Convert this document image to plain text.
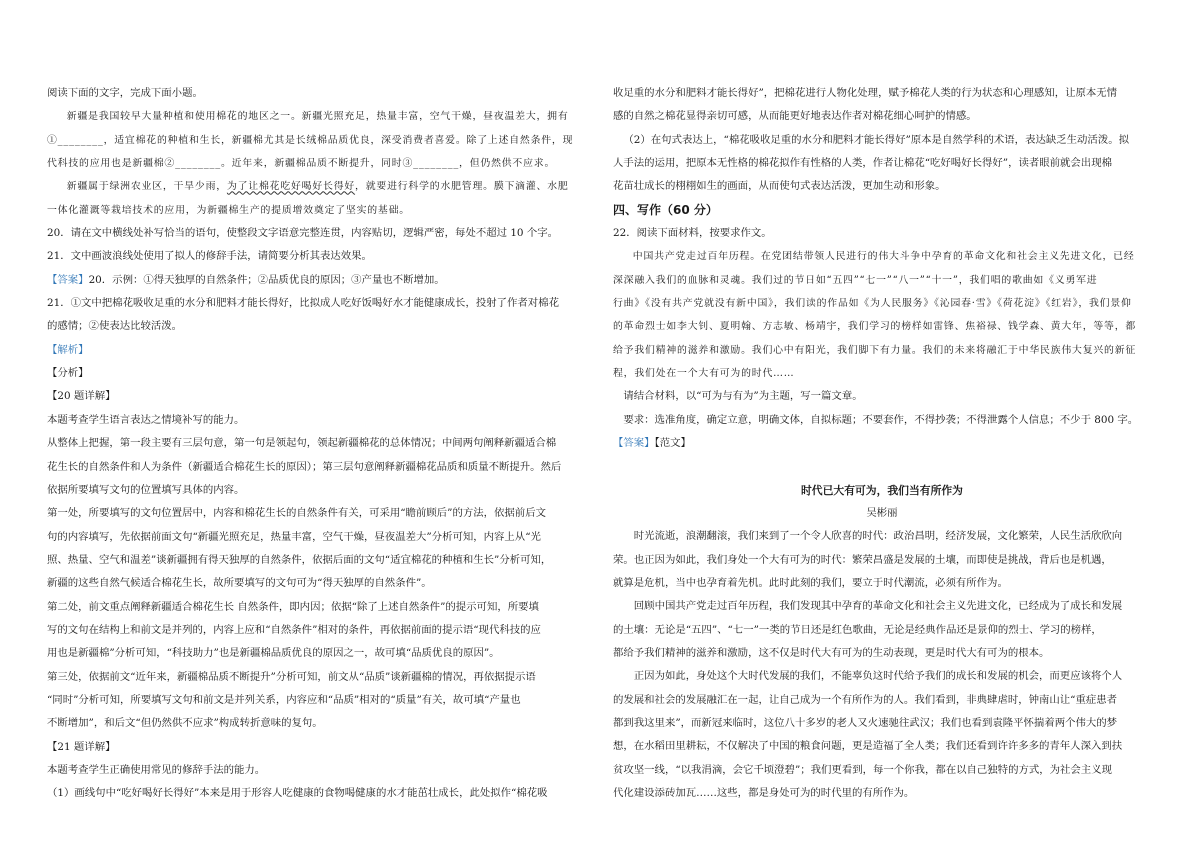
阅读下面的文字，完成下面小题。
新疆是我国较早大量种植和使用棉花的地区之一。新疆光照充足，热量丰富，空气干燥，昼夜温差大，拥有
①________，适宜棉花的种植和生长，新疆棉尤其是长绒棉品质优良，深受消费者喜爱。除了上述自然条件，现
代科技的应用也是新疆棉②________。近年来，新疆棉品质不断提升，同时③________，但仍然供不应求。
新疆属于绿洲农业区，干旱少雨，为了让棉花吃好喝好长得好，就要进行科学的水肥管理。膜下滴灌、水肥
一体化灌溉等栽培技术的应用，为新疆棉生产的提质增效奠定了坚实的基础。
20．请在文中横线处补写恰当的语句，使整段文字语意完整连贯，内容贴切，逻辑严密，每处不超过 10 个字。
21．文中画波浪线处使用了拟人的修辞手法，请简要分析其表达效果。
【答案】20．示例：①得天独厚的自然条件；②品质优良的原因；③产量也不断增加。
21．①文中把棉花吸收足重的水分和肥料才能长得好，比拟成人吃好饭喝好水才能健康成长，投射了作者对棉花
的感情；②使表达比较活泼。
【解析】
【分析】
【20 题详解】
本题考查学生语言表达之情境补写的能力。
从整体上把握，第一段主要有三层句意，第一句是领起句，领起新疆棉花的总体情况；中间两句阐释新疆适合棉
花生长的自然条件和人为条件（新疆适合棉花生长的原因）；第三层句意阐释新疆棉花品质和质量不断提升。然后
依据所要填写文句的位置填写具体的内容。
第一处，所要填写的文句位置居中，内容和棉花生长的自然条件有关，可采用“瞻前顾后”的方法，依据前后文
句的内容填写，先依据前面文句“新疆光照充足，热量丰富，空气干燥，昼夜温差大”分析可知，内容上从“光
照、热量、空气和温差”谈新疆拥有得天独厚的自然条件，依据后面的文句“适宜棉花的种植和生长”分析可知，
新疆的这些自然气候适合棉花生长，故所要填写的文句可为“得天独厚的自然条件”。
第二处，前文重点阐释新疆适合棉花生长 自然条件，即内因；依据“除了上述自然条件”的提示可知，所要填
写的文句在结构上和前文是并列的，内容上应和“自然条件”相对的条件，再依据前面的提示语“现代科技的应
用也是新疆棉”分析可知，“科技助力”也是新疆棉品质优良的原因之一，故可填“品质优良的原因”。
第三处，依据前文“近年来，新疆棉品质不断提升”分析可知，前文从“品质”谈新疆棉的情况，再依据提示语
“同时”分析可知，所要填写文句和前文是并列关系，内容应和“品质”相对的“质量”有关，故可填“产量也
不断增加”，和后文“但仍然供不应求”构成转折意味的复句。
【21 题详解】
本题考查学生正确使用常见的修辞手法的能力。
（1）画线句中“吃好喝好长得好”本来是用于形容人吃健康的食物喝健康的水才能茁壮成长，此处拟作“棉花吸
收足重的水分和肥料才能长得好”，把棉花进行人物化处理，赋予棉花人类的行为状态和心理感知，让原本无情
感的自然之棉花显得亲切可感，从而能更好地表达作者对棉花细心呵护的情感。
（2）在句式表达上，“棉花吸收足重的水分和肥料才能长得好”原本是自然学科的术语，表达缺乏生动活泼。拟
人手法的运用，把原本无性格的棉花拟作有性格的人类，作者让棉花“吃好喝好长得好”，读者眼前就会出现棉
花苗壮成长的栩栩如生的画面，从而使句式表达活泼，更加生动和形象。
四、写作（60 分）
22．阅读下面材料，按要求作文。
中国共产党走过百年历程。在党团结带领人民进行的伟大斗争中孕育的革命文化和社会主义先进文化，已经
深深融入我们的血脉和灵魂。我们过的节日如“五四”“七一”“八一”“十一”，我们唱的歌曲如《义勇军进
行曲》《没有共产党就没有新中国》，我们读的作品如《为人民服务》《沁园春·雪》《荷花淀》《红岩》，我们景仰
的革命烈士如李大钊、夏明翰、方志敏、杨靖宇，我们学习的榜样如雷锋、焦裕禄、钱学森、黄大年，等等，都
给予我们精神的滋养和激励。我们心中有阳光，我们脚下有力量。我们的未来将融汇于中华民族伟大复兴的新征
程，我们处在一个大有可为的时代……
请结合材料，以“可为与有为”为主题，写一篇文章。
要求：选准角度，确定立意，明确文体，自拟标题；不要套作，不得抄袭；不得泄露个人信息；不少于 800 字。
【答案】【范文】
时代已大有可为，我们当有所作为
吴彬丽
时光流逝，浪潮翻滚，我们来到了一个令人欣喜的时代：政治昌明，经济发展，文化繁荣，人民生活欣欣向
荣。也正因为如此，我们身处一个大有可为的时代：繁荣昌盛是发展的土壤，而即使是挑战，背后也是机遇，
就算是危机，当中也孕育着先机。此时此刻的我们，要立于时代潮流，必须有所作为。
回顾中国共产党走过百年历程，我们发现其中孕育的革命文化和社会主义先进文化，已经成为了成长和发展
的土壤：无论是“五四”、“七一”一类的节日还是红色歌曲，无论是经典作品还是景仰的烈士、学习的榜样，
都给予我们精神的滋养和激励，这不仅是时代大有可为的生动表现，更是时代大有可为的根本。
正因为如此，身处这个大时代发展的我们，不能辜负这时代给予我们的成长和发展的机会，而更应该将个人
的发展和社会的发展融汇在一起，让自己成为一个有所作为的人。我们看到，非典肆虐时，钟南山让“重症患者
都到我这里来”，而新冠来临时，这位八十多岁的老人又火速驰往武汉；我们也看到袁隆平怀揣着两个伟大的梦
想，在水稻田里耕耘，不仅解决了中国的粮食问题，更是造福了全人类；我们还看到许许多多的青年人深入到扶
贫攻坚一线，“以我涓滴，会它千顷澄碧”；我们更看到，每一个你我，都在以自己独特的方式，为社会主义现
代化建设添砖加瓦……这些，都是身处可为的时代里的有所作为。
